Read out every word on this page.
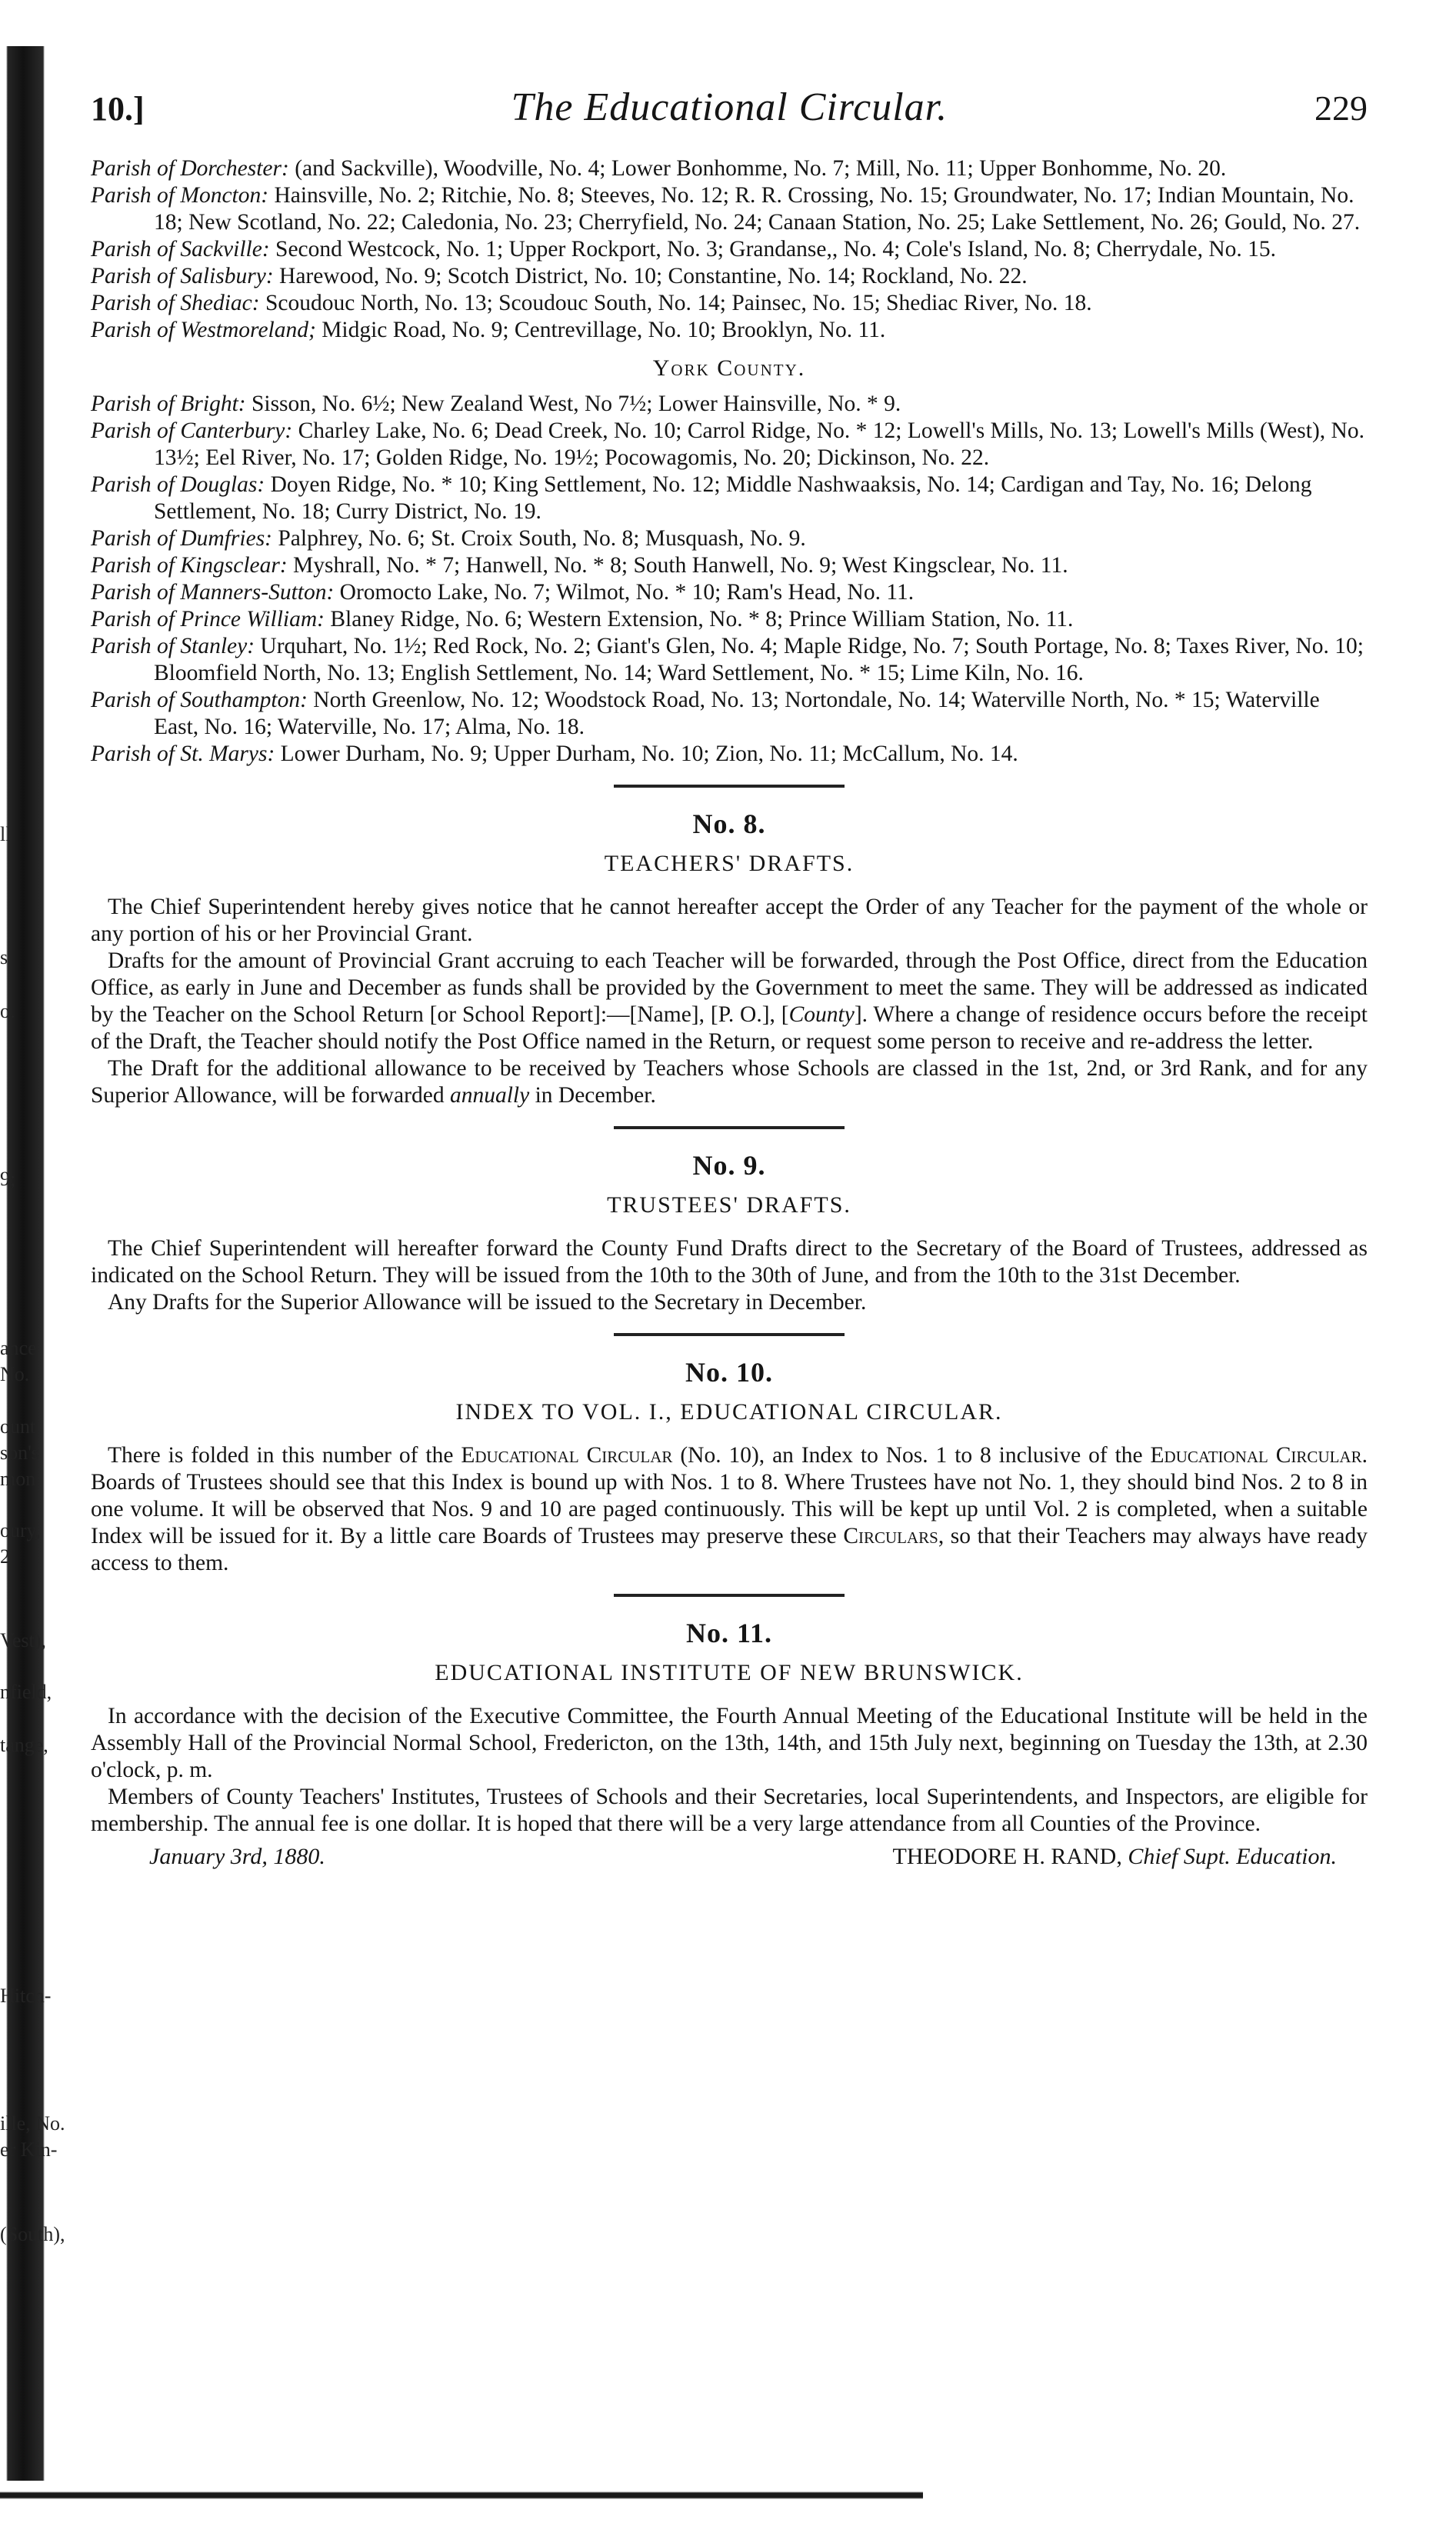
ll
s;
o.
9;
ance
No.
ount
son's
mon
oury,
2
Vest),
nfield,
tange,
Hitch-
ille, No.
er Kin-
(South),
10.]	The Educational Circular.	229

Parish of Dorchester: (and Sackville), Woodville, No. 4; Lower Bonhomme, No. 7; Mill, No. 11; Upper Bonhomme, No. 20.

Parish of Moncton: Hainsville, No. 2; Ritchie, No. 8; Steeves, No. 12; R. R. Crossing, No. 15; Groundwater, No. 17; Indian Mountain, No. 18; New Scotland, No. 22; Caledonia, No. 23; Cherryfield, No. 24; Canaan Station, No. 25; Lake Settlement, No. 26; Gould, No. 27.

Parish of Sackville: Second Westcock, No. 1; Upper Rockport, No. 3; Grandanse,, No. 4; Cole's Island, No. 8; Cherrydale, No. 15.

Parish of Salisbury: Harewood, No. 9; Scotch District, No. 10; Constantine, No. 14; Rockland, No. 22.

Parish of Shediac: Scoudouc North, No. 13; Scoudouc South, No. 14; Painsec, No. 15; Shediac River, No. 18.

Parish of Westmoreland; Midgic Road, No. 9; Centrevillage, No. 10; Brooklyn, No. 11.

York County.

Parish of Bright: Sisson, No. 6½; New Zealand West, No 7½; Lower Hainsville, No. * 9.

Parish of Canterbury: Charley Lake, No. 6; Dead Creek, No. 10; Carrol Ridge, No. * 12; Lowell's Mills, No. 13; Lowell's Mills (West), No. 13½; Eel River, No. 17; Golden Ridge, No. 19½; Pocowagomis, No. 20; Dickinson, No. 22.

Parish of Douglas: Doyen Ridge, No. * 10; King Settlement, No. 12; Middle Nashwaaksis, No. 14; Cardigan and Tay, No. 16; Delong Settlement, No. 18; Curry District, No. 19.

Parish of Dumfries: Palphrey, No. 6; St. Croix South, No. 8; Musquash, No. 9.

Parish of Kingsclear: Myshrall, No. * 7; Hanwell, No. * 8; South Hanwell, No. 9; West Kingsclear, No. 11.

Parish of Manners-Sutton: Oromocto Lake, No. 7; Wilmot, No. * 10; Ram's Head, No. 11.

Parish of Prince William: Blaney Ridge, No. 6; Western Extension, No. * 8; Prince William Station, No. 11.

Parish of Stanley: Urquhart, No. 1½; Red Rock, No. 2; Giant's Glen, No. 4; Maple Ridge, No. 7; South Portage, No. 8; Taxes River, No. 10; Bloomfield North, No. 13; English Settlement, No. 14; Ward Settlement, No. * 15; Lime Kiln, No. 16.

Parish of Southampton: North Greenlow, No. 12; Woodstock Road, No. 13; Nortondale, No. 14; Waterville North, No. * 15; Waterville East, No. 16; Waterville, No. 17; Alma, No. 18.

Parish of St. Marys: Lower Durham, No. 9; Upper Durham, No. 10; Zion, No. 11; McCallum, No. 14.

No. 8.
TEACHERS' DRAFTS.

The Chief Superintendent hereby gives notice that he cannot hereafter accept the Order of any Teacher for the payment of the whole or any portion of his or her Provincial Grant.

Drafts for the amount of Provincial Grant accruing to each Teacher will be forwarded, through the Post Office, direct from the Education Office, as early in June and December as funds shall be provided by the Government to meet the same. They will be addressed as indicated by the Teacher on the School Return [or School Report]:—[Name], [P. O.], [County]. Where a change of residence occurs before the receipt of the Draft, the Teacher should notify the Post Office named in the Return, or request some person to receive and re-address the letter.

The Draft for the additional allowance to be received by Teachers whose Schools are classed in the 1st, 2nd, or 3rd Rank, and for any Superior Allowance, will be forwarded annually in December.

No. 9.
TRUSTEES' DRAFTS.

The Chief Superintendent will hereafter forward the County Fund Drafts direct to the Secretary of the Board of Trustees, addressed as indicated on the School Return. They will be issued from the 10th to the 30th of June, and from the 10th to the 31st December.

Any Drafts for the Superior Allowance will be issued to the Secretary in December.

No. 10.
INDEX TO VOL. I., EDUCATIONAL CIRCULAR.

There is folded in this number of the Educational Circular (No. 10), an Index to Nos. 1 to 8 inclusive of the Educational Circular. Boards of Trustees should see that this Index is bound up with Nos. 1 to 8. Where Trustees have not No. 1, they should bind Nos. 2 to 8 in one volume. It will be observed that Nos. 9 and 10 are paged continuously. This will be kept up until Vol. 2 is completed, when a suitable Index will be issued for it. By a little care Boards of Trustees may preserve these Circulars, so that their Teachers may always have ready access to them.

No. 11.
EDUCATIONAL INSTITUTE OF NEW BRUNSWICK.

In accordance with the decision of the Executive Committee, the Fourth Annual Meeting of the Educational Institute will be held in the Assembly Hall of the Provincial Normal School, Fredericton, on the 13th, 14th, and 15th July next, beginning on Tuesday the 13th, at 2.30 o'clock, p. m.

Members of County Teachers' Institutes, Trustees of Schools and their Secretaries, local Superintendents, and Inspectors, are eligible for membership. The annual fee is one dollar. It is hoped that there will be a very large attendance from all Counties of the Province.

January 3rd, 1880.	THEODORE H. RAND, Chief Supt. Education.
